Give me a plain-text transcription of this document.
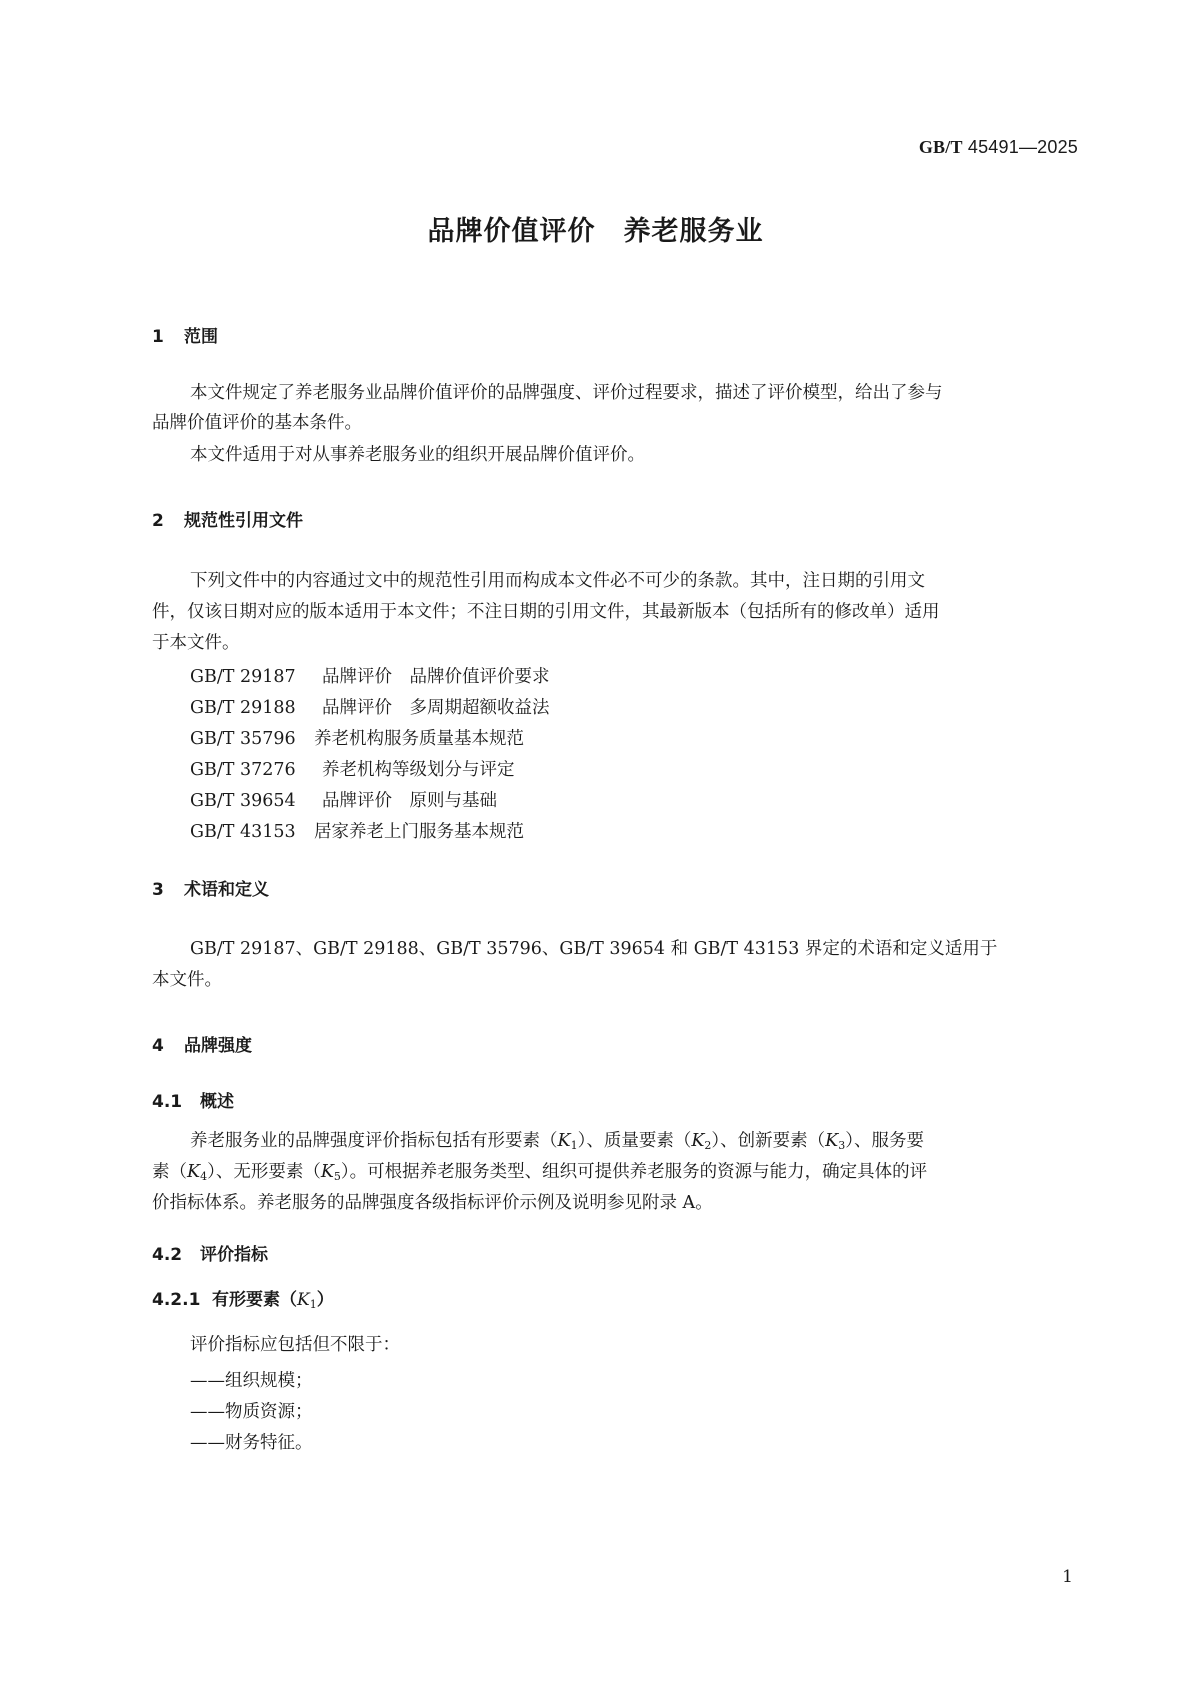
GB/T 45491—2025
品牌价值评价　养老服务业
1 范围
本文件规定了养老服务业品牌价值评价的品牌强度、评价过程要求，描述了评价模型，给出了参与
品牌价值评价的基本条件。
本文件适用于对从事养老服务业的组织开展品牌价值评价。
2 规范性引用文件
下列文件中的内容通过文中的规范性引用而构成本文件必不可少的条款。其中，注日期的引用文
件，仅该日期对应的版本适用于本文件；不注日期的引用文件，其最新版本（包括所有的修改单）适用
于本文件。
GB/T 29187 品牌评价　品牌价值评价要求
GB/T 29188 品牌评价　多周期超额收益法
GB/T 35796 养老机构服务质量基本规范
GB/T 37276 养老机构等级划分与评定
GB/T 39654 品牌评价　原则与基础
GB/T 43153 居家养老上门服务基本规范
3 术语和定义
GB/T 29187、GB/T 29188、GB/T 35796、GB/T 39654 和 GB/T 43153 界定的术语和定义适用于
本文件。
4 品牌强度
4.1 概述
养老服务业的品牌强度评价指标包括有形要素$(K_1)$、质量要素$(K_2)$、创新要素$(K_3)$、服务要
素$(K_4)$、无形要素$(K_5)$。可根据养老服务类型、组织可提供养老服务的资源与能力，确定具体的评
价指标体系。养老服务的品牌强度各级指标评价示例及说明参见附录 A。
4.2 评价指标
4.2.1 有形要素$(K_1)$
评价指标应包括但不限于：
——组织规模；
——物质资源；
——财务特征。
1
